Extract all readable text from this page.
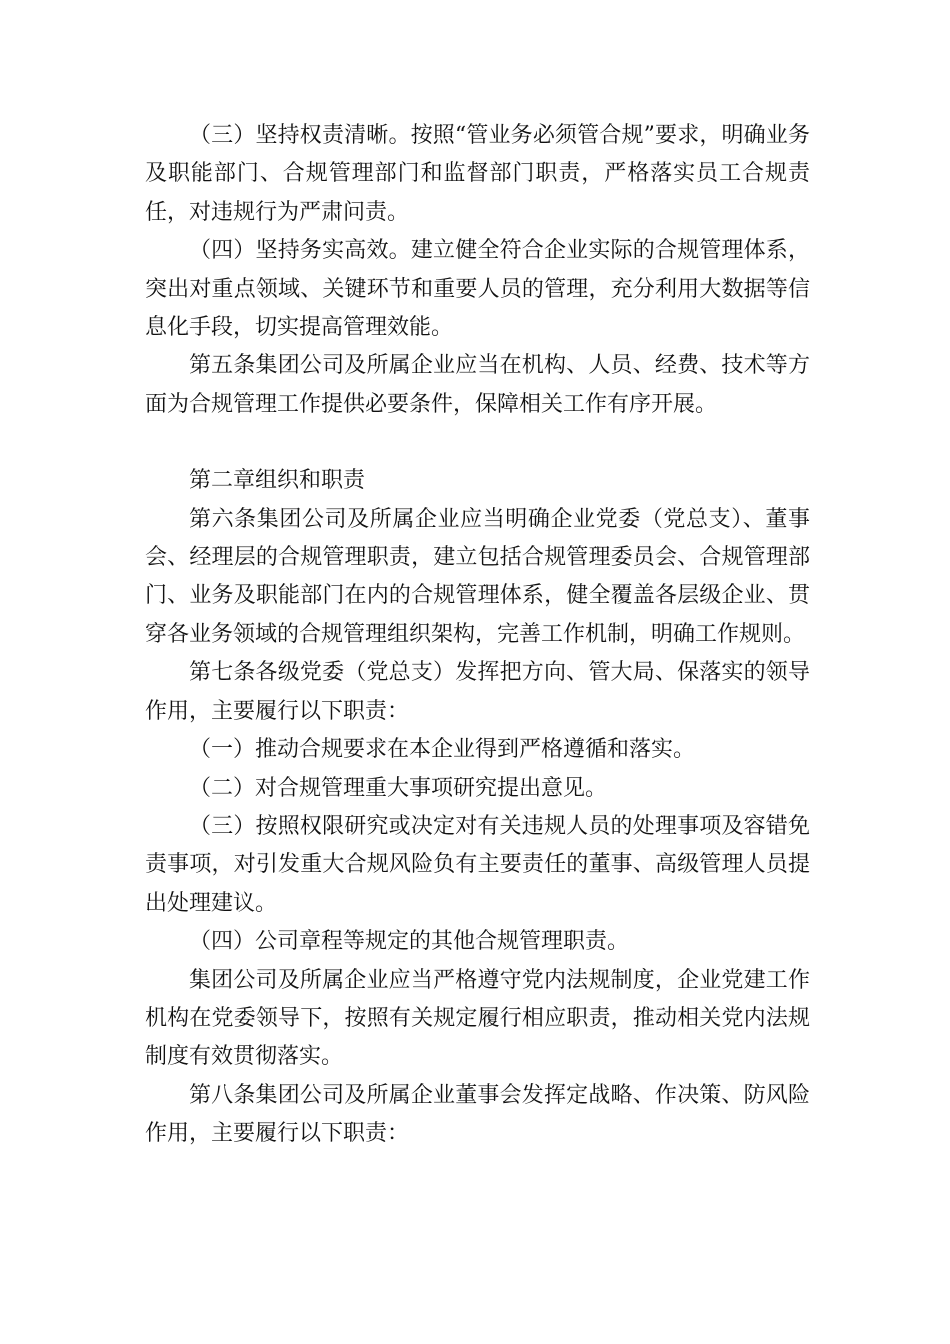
（三）坚持权责清晰。按照“管业务必须管合规”要求，明确业务及职能部门、合规管理部门和监督部门职责，严格落实员工合规责任，对违规行为严肃问责。

（四）坚持务实高效。建立健全符合企业实际的合规管理体系，突出对重点领域、关键环节和重要人员的管理，充分利用大数据等信息化手段，切实提高管理效能。

第五条集团公司及所属企业应当在机构、人员、经费、技术等方面为合规管理工作提供必要条件，保障相关工作有序开展。

第二章组织和职责

第六条集团公司及所属企业应当明确企业党委（党总支）、董事会、经理层的合规管理职责，建立包括合规管理委员会、合规管理部门、业务及职能部门在内的合规管理体系，健全覆盖各层级企业、贯穿各业务领域的合规管理组织架构，完善工作机制，明确工作规则。

第七条各级党委（党总支）发挥把方向、管大局、保落实的领导作用，主要履行以下职责：

（一）推动合规要求在本企业得到严格遵循和落实。

（二）对合规管理重大事项研究提出意见。

（三）按照权限研究或决定对有关违规人员的处理事项及容错免责事项，对引发重大合规风险负有主要责任的董事、高级管理人员提出处理建议。

（四）公司章程等规定的其他合规管理职责。

集团公司及所属企业应当严格遵守党内法规制度，企业党建工作机构在党委领导下，按照有关规定履行相应职责，推动相关党内法规制度有效贯彻落实。

第八条集团公司及所属企业董事会发挥定战略、作决策、防风险作用，主要履行以下职责：
